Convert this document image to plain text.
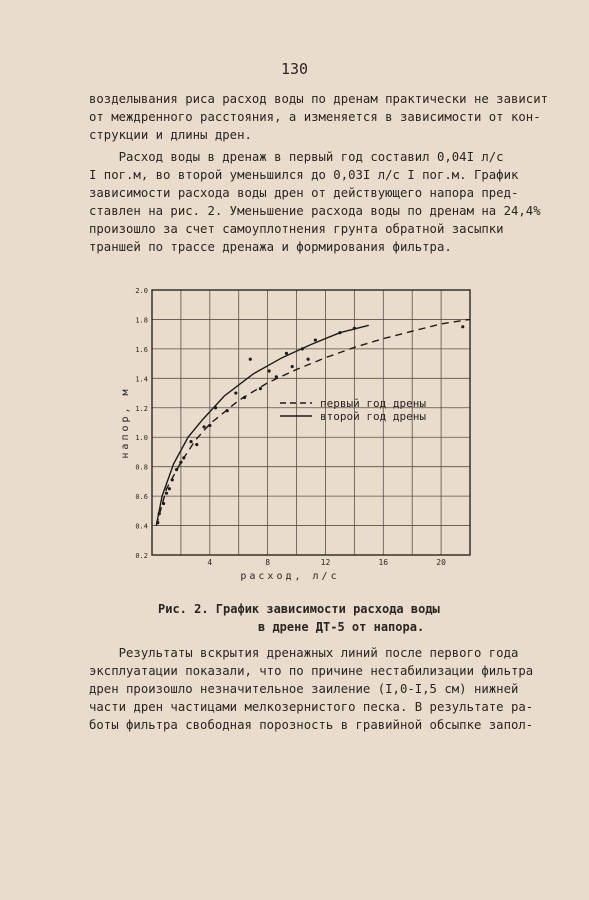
130
возделывания риса расход воды по дренам практически не зависит
от междренного расстояния, а изменяется в зависимости от кон-
струкции и длины дрен.
Расход воды в дренаж в первый год составил 0,04I л/с
I пог.м, во второй уменьшился до 0,03I л/с I пог.м. График
зависимости расхода воды дрен от действующего напора пред-
ставлен на рис. 2. Уменьшение расхода воды по дренам на 24,4%
произошло за счет самоуплотнения грунта обратной засыпки
траншей по трассе дренажа и формирования фильтра.
0.2
0.4
0.6
0.8
1.0
1.2
1.4
1.6
1.8
2.0
4	8	12	16	20
расход, л/с
напор, м	первый год дрены
второй год дрены
Рис. 2. График зависимости расхода воды
в дрене ДТ-5 от напора.
Результаты вскрытия дренажных линий после первого года
эксплуатации показали, что по причине нестабилизации фильтра
дрен произошло незначительное заиление (I,0-I,5 см) нижней
части дрен частицами мелкозернистого песка. В результате ра-
боты фильтра свободная порозность в гравийной обсыпке запол-
